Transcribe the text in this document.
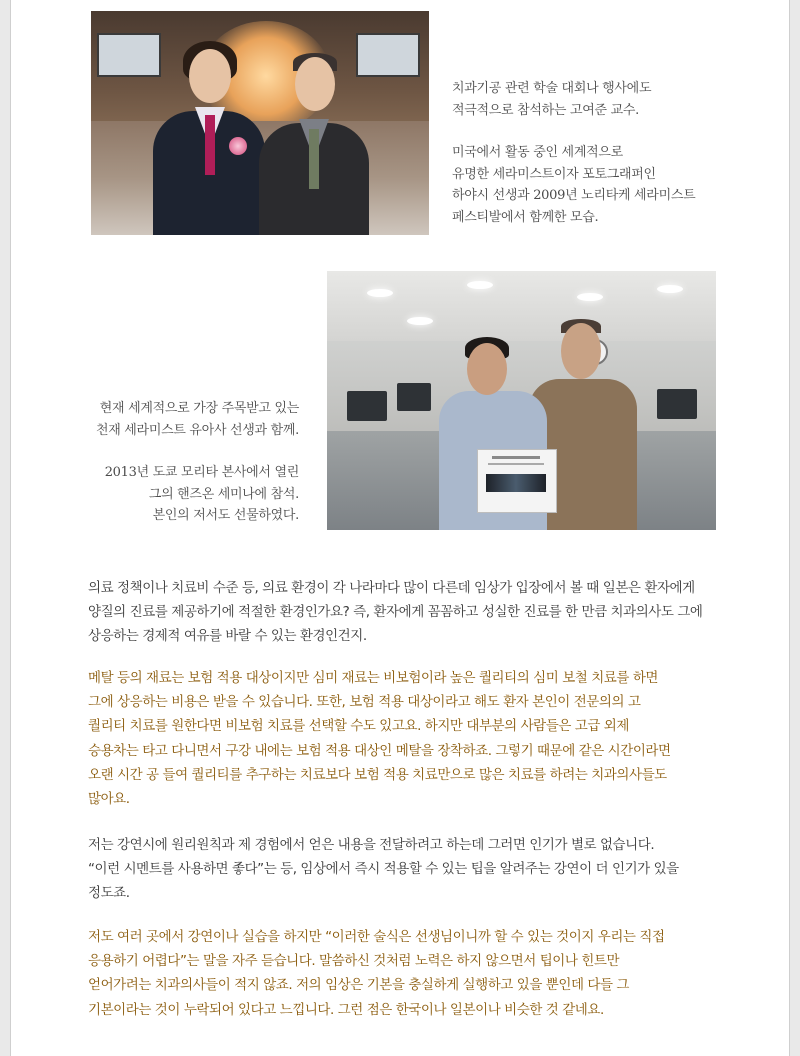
치과기공 관련 학술 대회나 행사에도

적극적으로 참석하는 고여준 교수.

미국에서 활동 중인 세계적으로

유명한 세라미스트이자 포토그래퍼인

하야시 선생과 2009년 노리타케 세라미스트

페스티발에서 함께한 모습.

현재 세계적으로 가장 주목받고 있는

천재 세라미스트 유아사 선생과 함께.

2013년 도쿄 모리타 본사에서 열린

그의 핸즈온 세미나에 참석.

본인의 저서도 선물하였다.

의료 정책이나 치료비 수준 등, 의료 환경이 각 나라마다 많이 다른데 임상가 입장에서 볼 때 일본은 환자에게

양질의 진료를 제공하기에 적절한 환경인가요? 즉, 환자에게 꼼꼼하고 성실한 진료를 한 만큼 치과의사도 그에

상응하는 경제적 여유를 바랄 수 있는 환경인건지.

메탈 등의 재료는 보험 적용 대상이지만 심미 재료는 비보험이라 높은 퀄리티의 심미 보철 치료를 하면

그에 상응하는 비용은 받을 수 있습니다. 또한, 보험 적용 대상이라고 해도 환자 본인이 전문의의 고

퀄리티 치료를 원한다면 비보험 치료를 선택할 수도 있고요. 하지만 대부분의 사람들은 고급 외제

승용차는 타고 다니면서 구강 내에는 보험 적용 대상인 메탈을 장착하죠. 그렇기 때문에 같은 시간이라면

오랜 시간 공 들여 퀄리티를 추구하는 치료보다 보험 적용 치료만으로 많은 치료를 하려는 치과의사들도

많아요.

저는 강연시에 원리원칙과 제 경험에서 얻은 내용을 전달하려고 하는데 그러면 인기가 별로 없습니다.

“이런 시멘트를 사용하면 좋다”는 등, 임상에서 즉시 적용할 수 있는 팁을 알려주는 강연이 더 인기가 있을

정도죠.

저도 여러 곳에서 강연이나 실습을 하지만 “이러한 술식은 선생님이니까 할 수 있는 것이지 우리는 직접

응용하기 어렵다”는 말을 자주 듣습니다. 말씀하신 것처럼 노력은 하지 않으면서 팁이나 힌트만

얻어가려는 치과의사들이 적지 않죠. 저의 임상은 기본을 충실하게 실행하고 있을 뿐인데 다들 그

기본이라는 것이 누락되어 있다고 느낍니다. 그런 점은 한국이나 일본이나 비슷한 것 같네요.
